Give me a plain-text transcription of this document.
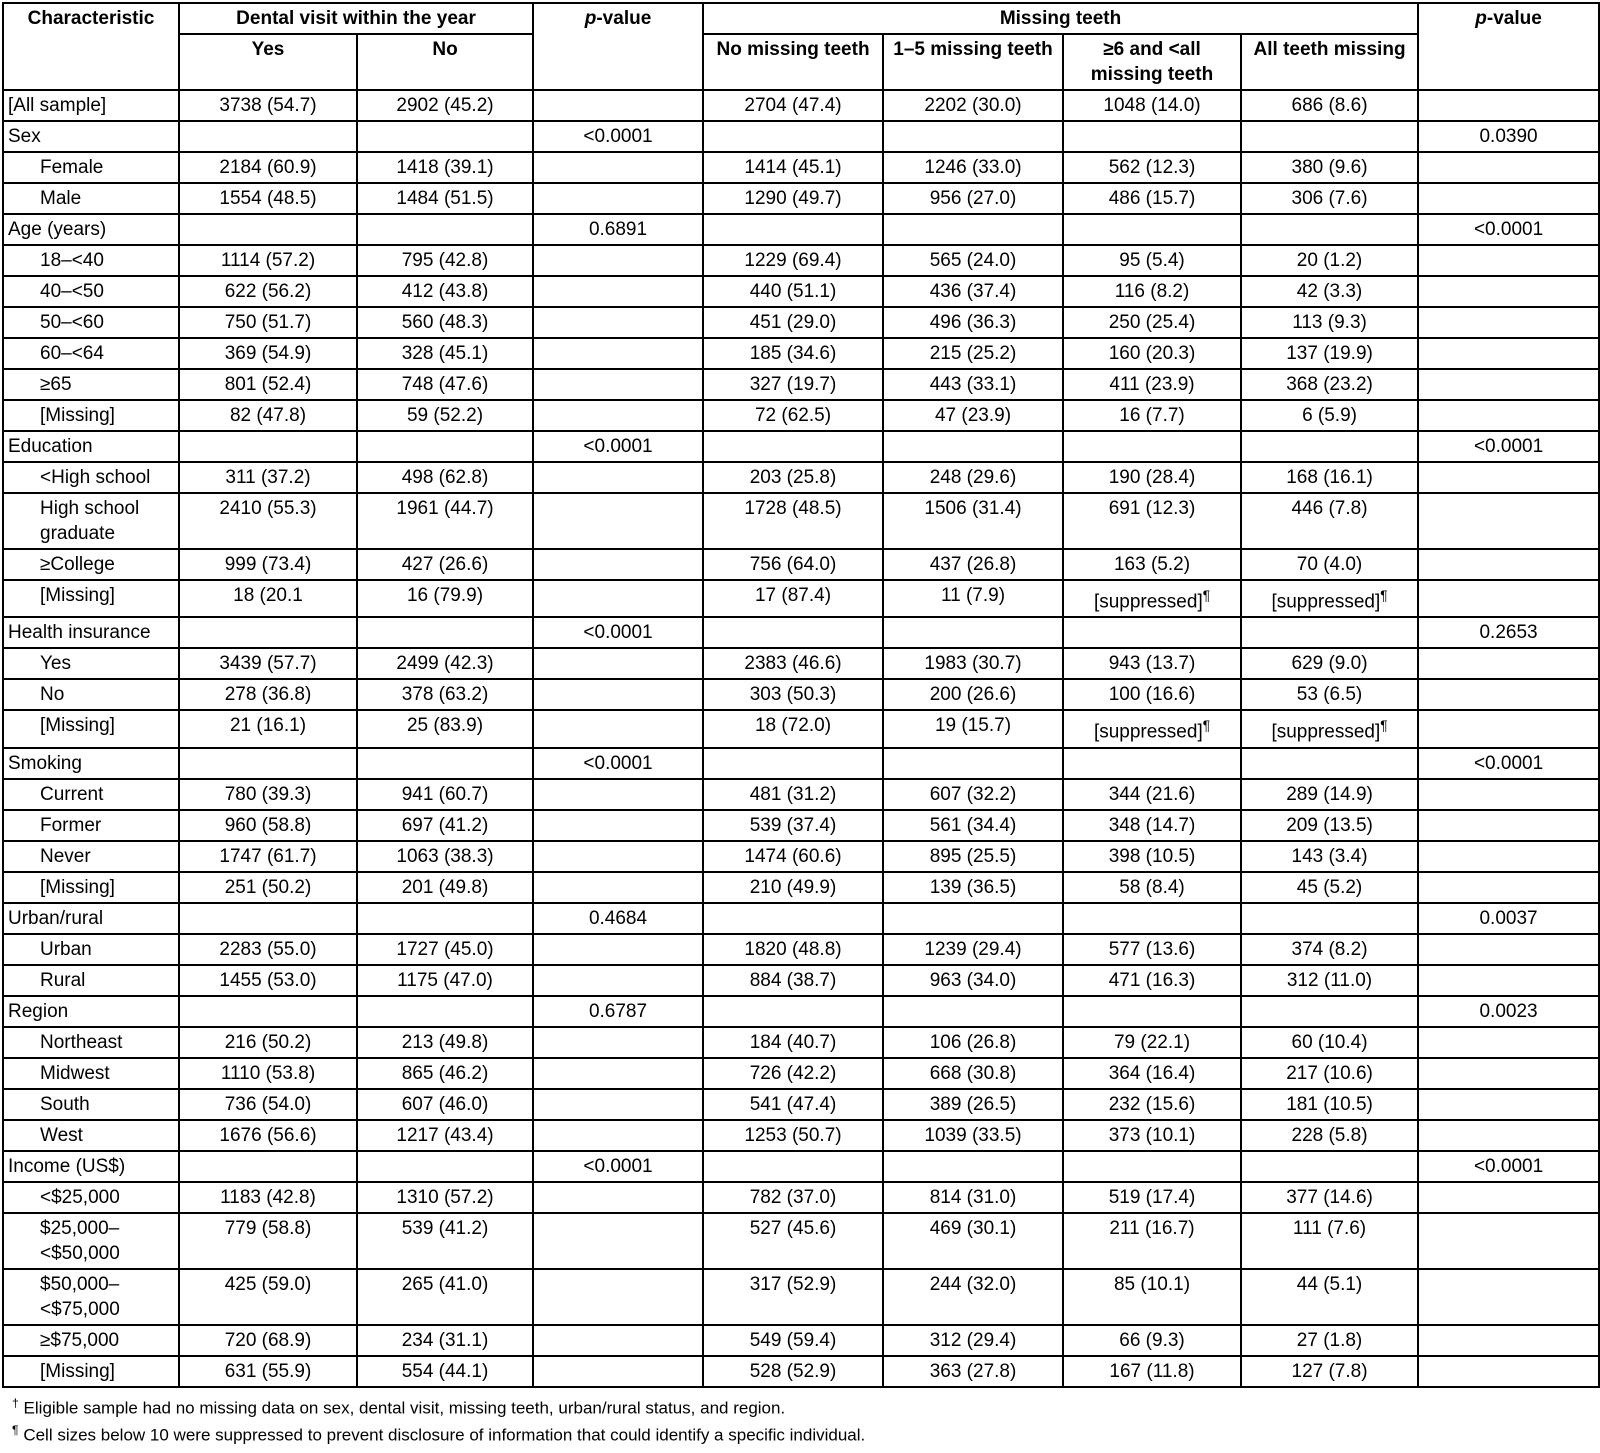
Characteristic	Dental visit within the year		p-value	Missing teeth				p-value
	Yes	No		No missing teeth	1–5 missing teeth	≥6 and <all missing teeth	All teeth missing	
[All sample]	3738 (54.7)	2902 (45.2)		2704 (47.4)	2202 (30.0)	1048 (14.0)	686 (8.6)	
Sex			<0.0001					0.0390
Female	2184 (60.9)	1418 (39.1)		1414 (45.1)	1246 (33.0)	562 (12.3)	380 (9.6)	
Male	1554 (48.5)	1484 (51.5)		1290 (49.7)	956 (27.0)	486 (15.7)	306 (7.6)	
Age (years)			0.6891					<0.0001
18–<40	1114 (57.2)	795 (42.8)		1229 (69.4)	565 (24.0)	95 (5.4)	20 (1.2)	
40–<50	622 (56.2)	412 (43.8)		440 (51.1)	436 (37.4)	116 (8.2)	42 (3.3)	
50–<60	750 (51.7)	560 (48.3)		451 (29.0)	496 (36.3)	250 (25.4)	113 (9.3)	
60–<64	369 (54.9)	328 (45.1)		185 (34.6)	215 (25.2)	160 (20.3)	137 (19.9)	
≥65	801 (52.4)	748 (47.6)		327 (19.7)	443 (33.1)	411 (23.9)	368 (23.2)	
[Missing]	82 (47.8)	59 (52.2)		72 (62.5)	47 (23.9)	16 (7.7)	6 (5.9)	
Education			<0.0001					<0.0001
<High school	311 (37.2)	498 (62.8)		203 (25.8)	248 (29.6)	190 (28.4)	168 (16.1)	
High school graduate	2410 (55.3)	1961 (44.7)		1728 (48.5)	1506 (31.4)	691 (12.3)	446 (7.8)	
≥College	999 (73.4)	427 (26.6)		756 (64.0)	437 (26.8)	163 (5.2)	70 (4.0)	
[Missing]	18 (20.1	16 (79.9)		17 (87.4)	11 (7.9)	[suppressed]¶	[suppressed]¶	
Health insurance			<0.0001					0.2653
Yes	3439 (57.7)	2499 (42.3)		2383 (46.6)	1983 (30.7)	943 (13.7)	629 (9.0)	
No	278 (36.8)	378 (63.2)		303 (50.3)	200 (26.6)	100 (16.6)	53 (6.5)	
[Missing]	21 (16.1)	25 (83.9)		18 (72.0)	19 (15.7)	[suppressed]¶	[suppressed]¶	
Smoking			<0.0001					<0.0001
Current	780 (39.3)	941 (60.7)		481 (31.2)	607 (32.2)	344 (21.6)	289 (14.9)	
Former	960 (58.8)	697 (41.2)		539 (37.4)	561 (34.4)	348 (14.7)	209 (13.5)	
Never	1747 (61.7)	1063 (38.3)		1474 (60.6)	895 (25.5)	398 (10.5)	143 (3.4)	
[Missing]	251 (50.2)	201 (49.8)		210 (49.9)	139 (36.5)	58 (8.4)	45 (5.2)	
Urban/rural			0.4684					0.0037
Urban	2283 (55.0)	1727 (45.0)		1820 (48.8)	1239 (29.4)	577 (13.6)	374 (8.2)	
Rural	1455 (53.0)	1175 (47.0)		884 (38.7)	963 (34.0)	471 (16.3)	312 (11.0)	
Region			0.6787					0.0023
Northeast	216 (50.2)	213 (49.8)		184 (40.7)	106 (26.8)	79 (22.1)	60 (10.4)	
Midwest	1110 (53.8)	865 (46.2)		726 (42.2)	668 (30.8)	364 (16.4)	217 (10.6)	
South	736 (54.0)	607 (46.0)		541 (47.4)	389 (26.5)	232 (15.6)	181 (10.5)	
West	1676 (56.6)	1217 (43.4)		1253 (50.7)	1039 (33.5)	373 (10.1)	228 (5.8)	
Income (US$)			<0.0001					<0.0001
<$25,000	1183 (42.8)	1310 (57.2)		782 (37.0)	814 (31.0)	519 (17.4)	377 (14.6)	
$25,000–<$50,000	779 (58.8)	539 (41.2)		527 (45.6)	469 (30.1)	211 (16.7)	111 (7.6)	
$50,000–<$75,000	425 (59.0)	265 (41.0)		317 (52.9)	244 (32.0)	85 (10.1)	44 (5.1)	
≥$75,000	720 (68.9)	234 (31.1)		549 (59.4)	312 (29.4)	66 (9.3)	27 (1.8)	
[Missing]	631 (55.9)	554 (44.1)		528 (52.9)	363 (27.8)	167 (11.8)	127 (7.8)	

† Eligible sample had no missing data on sex, dental visit, missing teeth, urban/rural status, and region.

¶ Cell sizes below 10 were suppressed to prevent disclosure of information that could identify a specific individual.
